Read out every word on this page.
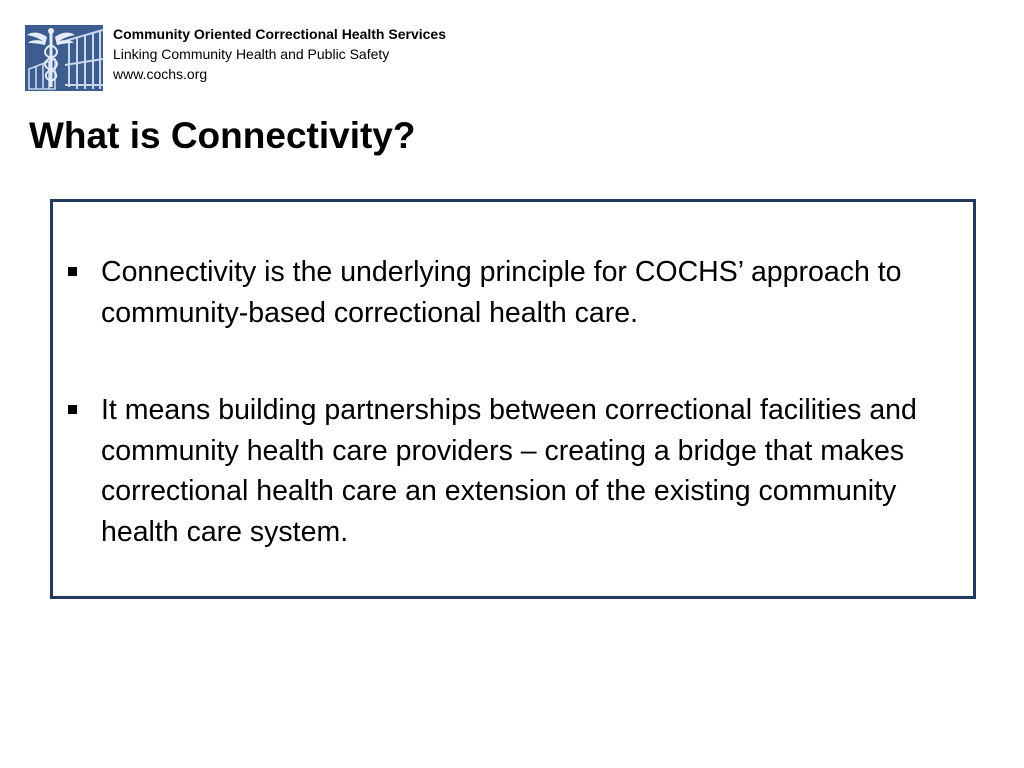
Community Oriented Correctional Health Services
Linking Community Health and Public Safety
www.cochs.org
What is Connectivity?
Connectivity is the underlying principle for COCHS’ approach to community-based correctional health care.
It means building partnerships between correctional facilities and community health care providers – creating a bridge that makes correctional health care an extension of the existing community health care system.
